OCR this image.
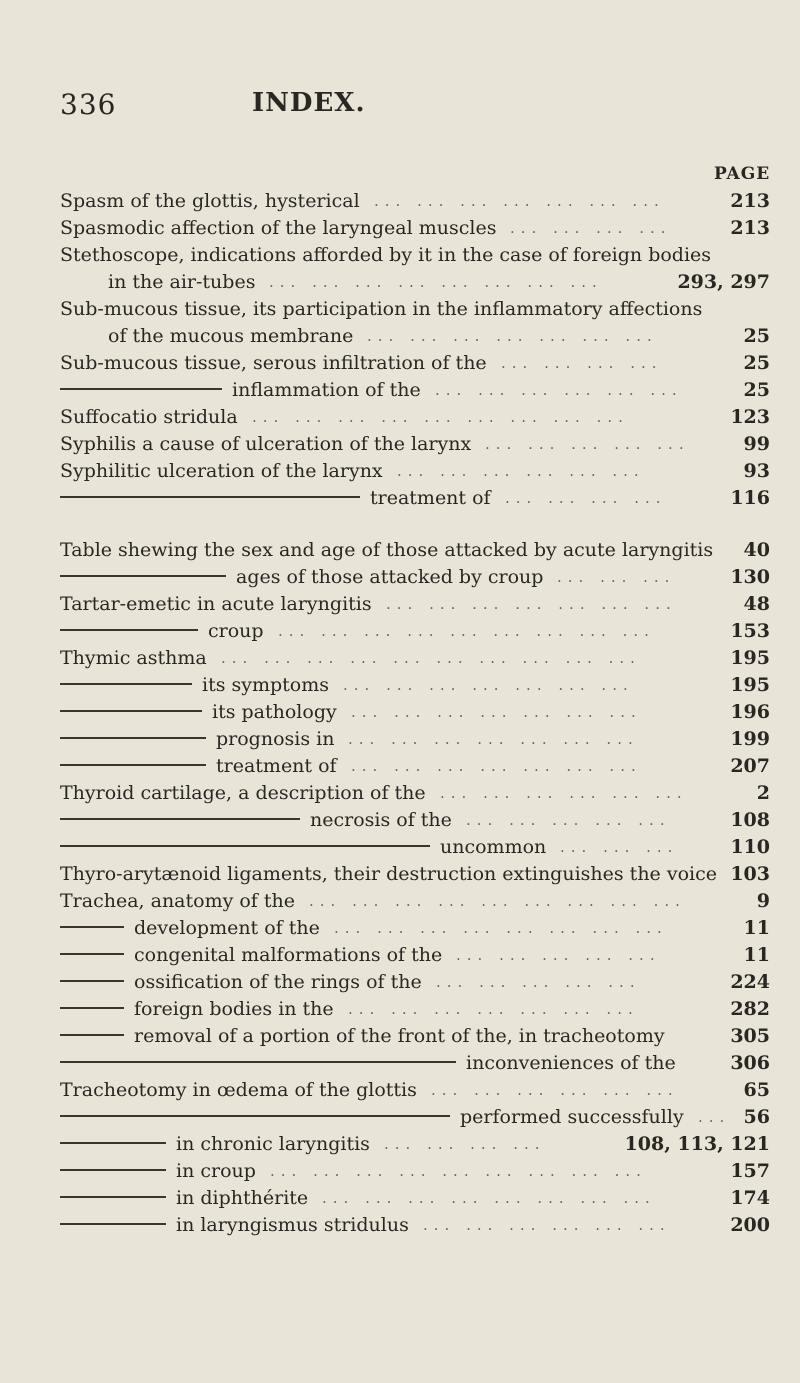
336	INDEX.
PAGE
Spasm of the glottis, hysterical ... ... ... ... ... ... ...	213
Spasmodic affection of the laryngeal muscles ... ... ... ...	213
Stethoscope, indications afforded by it in the case of foreign bodies
in the air-tubes ... ... ... ... ... ... ... ...	293, 297
Sub-mucous tissue, its participation in the inflammatory affections
of the mucous membrane ... ... ... ... ... ... ...	25
Sub-mucous tissue, serous infiltration of the ... ... ... ...	25
inflammation of the ... ... ... ... ... ...	25
Suffocatio stridula ... ... ... ... ... ... ... ... ...	123
Syphilis a cause of ulceration of the larynx ... ... ... ... ...	99
Syphilitic ulceration of the larynx ... ... ... ... ... ...	93
treatment of ... ... ... ...	116
Table shewing the sex and age of those attacked by acute laryngitis	40
ages of those attacked by croup ... ... ...	130
Tartar-emetic in acute laryngitis ... ... ... ... ... ... ...	48
croup ... ... ... ... ... ... ... ... ...	153
Thymic asthma ... ... ... ... ... ... ... ... ... ...	195
its symptoms ... ... ... ... ... ... ...	195
its pathology ... ... ... ... ... ... ...	196
prognosis in ... ... ... ... ... ... ...	199
treatment of ... ... ... ... ... ... ...	207
Thyroid cartilage, a description of the ... ... ... ... ... ...	2
necrosis of the ... ... ... ... ...	108
uncommon ... ... ...	110
Thyro-arytænoid ligaments, their destruction extinguishes the voice 103
Trachea, anatomy of the ... ... ... ... ... ... ... ... ...	9
development of the ... ... ... ... ... ... ... ...	11
congenital malformations of the ... ... ... ... ...	11
ossification of the rings of the ... ... ... ... ...	224
foreign bodies in the ... ... ... ... ... ... ...	282
removal of a portion of the front of the, in tracheotomy	305
inconveniences of the	306
Tracheotomy in œdema of the glottis ... ... ... ... ... ...	65
performed successfully ... 56
in chronic laryngitis ... ... ... ...	108, 113, 121
in croup ... ... ... ... ... ... ... ... ...	157
in diphthérite ... ... ... ... ... ... ... ...	174
in laryngismus stridulus ... ... ... ... ... ...	200
